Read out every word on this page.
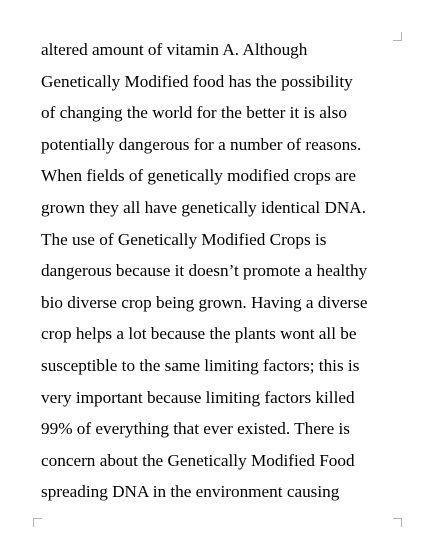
altered amount of vitamin A. Although
Genetically Modified food has the possibility
of changing the world for the better it is also
potentially dangerous for a number of reasons.
When fields of genetically modified crops are
grown they all have genetically identical DNA.
The use of Genetically Modified Crops is
dangerous because it doesn’t promote a healthy
bio diverse crop being grown. Having a diverse
crop helps a lot because the plants wont all be
susceptible to the same limiting factors; this is
very important because limiting factors killed
99% of everything that ever existed. There is
concern about the Genetically Modified Food
spreading DNA in the environment causing
